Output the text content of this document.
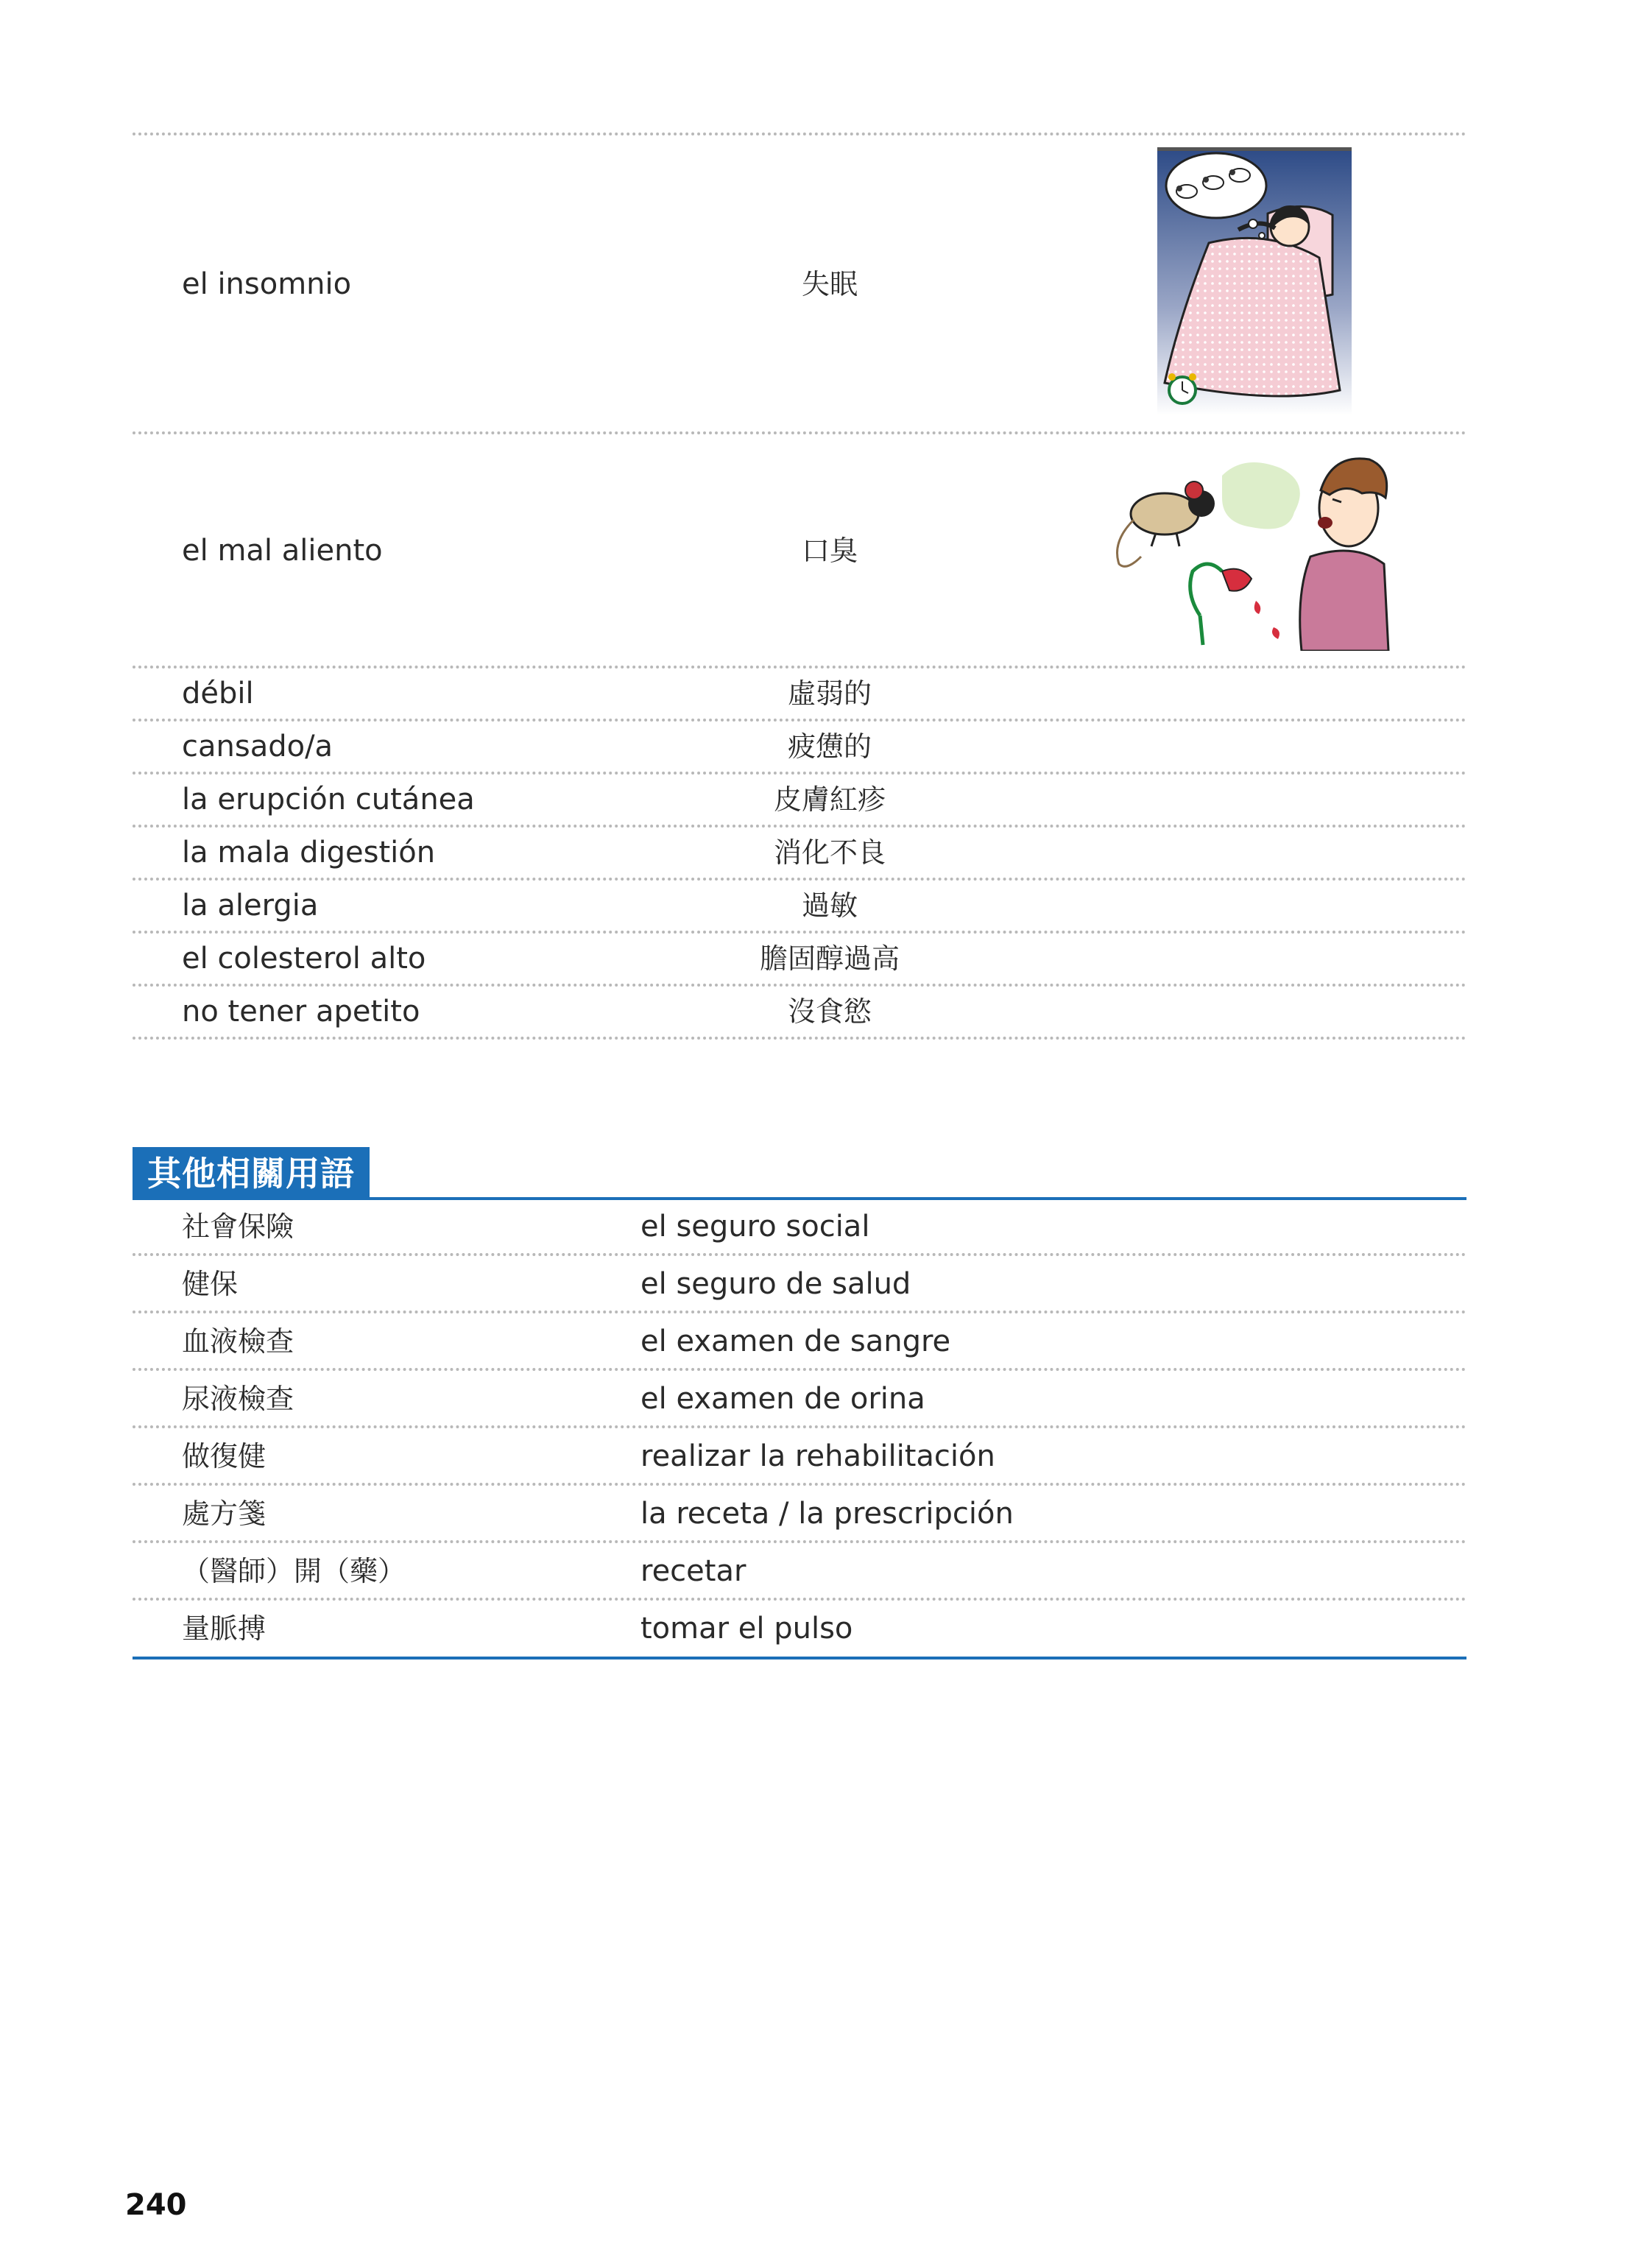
el insomnio	失眠
el mal aliento	口臭
débil	虛弱的
cansado/a	疲憊的
la erupción cutánea	皮膚紅疹
la mala digestión	消化不良
la alergia	過敏
el colesterol alto	膽固醇過高
no tener apetito	沒食慾
其他相關用語
社會保險	el seguro social
健保	el seguro de salud
血液檢查	el examen de sangre
尿液檢查	el examen de orina
做復健	realizar la rehabilitación
處方箋	la receta / la prescripción
（醫師）開（藥）	recetar
量脈搏	tomar el pulso
240
